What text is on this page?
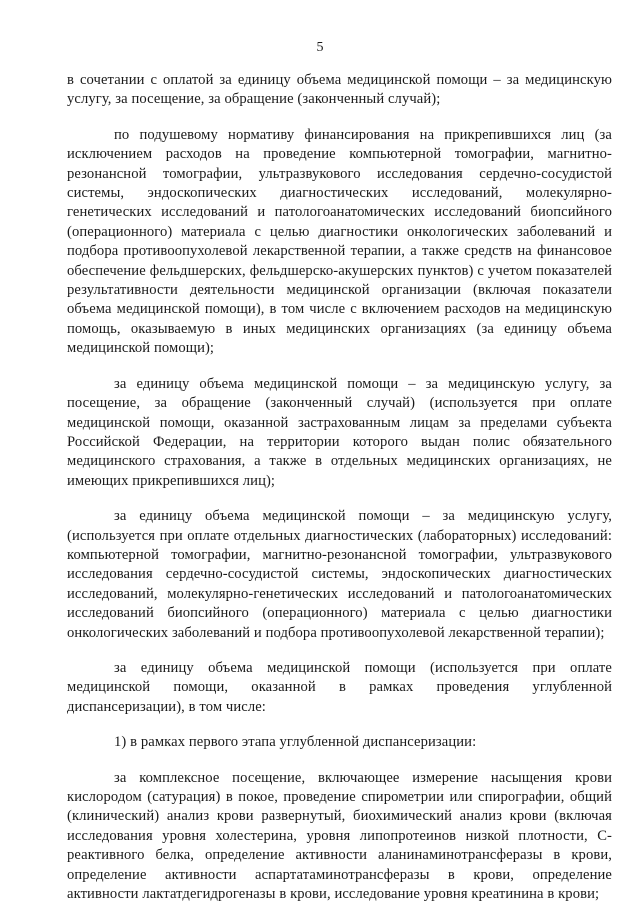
5

в сочетании с оплатой за единицу объема медицинской помощи – за медицинскую услугу, за посещение, за обращение (законченный случай);

по подушевому нормативу финансирования на прикрепившихся лиц (за исключением расходов на проведение компьютерной томографии, магнитно-резонансной томографии, ультразвукового исследования сердечно-сосудистой системы, эндоскопических диагностических исследований, молекулярно-генетических исследований и патологоанатомических исследований биопсийного (операционного) материала с целью диагностики онкологических заболеваний и подбора противоопухолевой лекарственной терапии, а также средств на финансовое обеспечение фельдшерских, фельдшерско-акушерских пунктов) с учетом показателей результативности деятельности медицинской организации (включая показатели объема медицинской помощи), в том числе с включением расходов на медицинскую помощь, оказываемую в иных медицинских организациях (за единицу объема медицинской помощи);

за единицу объема медицинской помощи – за медицинскую услугу, за посещение, за обращение (законченный случай) (используется при оплате медицинской помощи, оказанной застрахованным лицам за пределами субъекта Российской Федерации, на территории которого выдан полис обязательного медицинского страхования, а также в отдельных медицинских организациях, не имеющих прикрепившихся лиц);

за единицу объема медицинской помощи – за медицинскую услугу, (используется при оплате отдельных диагностических (лабораторных) исследований: компьютерной томографии, магнитно-резонансной томографии, ультразвукового исследования сердечно-сосудистой системы, эндоскопических диагностических исследований, молекулярно-генетических исследований и патологоанатомических исследований биопсийного (операционного) материала с целью диагностики онкологических заболеваний и подбора противоопухолевой лекарственной терапии);

за единицу объема медицинской помощи (используется при оплате медицинской помощи, оказанной в рамках проведения углубленной диспансеризации), в том числе:

1) в рамках первого этапа углубленной диспансеризации:

за комплексное посещение, включающее измерение насыщения крови кислородом (сатурация) в покое, проведение спирометрии или спирографии, общий (клинический) анализ крови развернутый, биохимический анализ крови (включая исследования уровня холестерина, уровня липопротеинов низкой плотности, С-реактивного белка, определение активности аланинаминотрансферазы в крови, определение активности аспартатаминотрансферазы в крови, определение активности лактатдегидрогеназы в крови, исследование уровня креатинина в крови;
